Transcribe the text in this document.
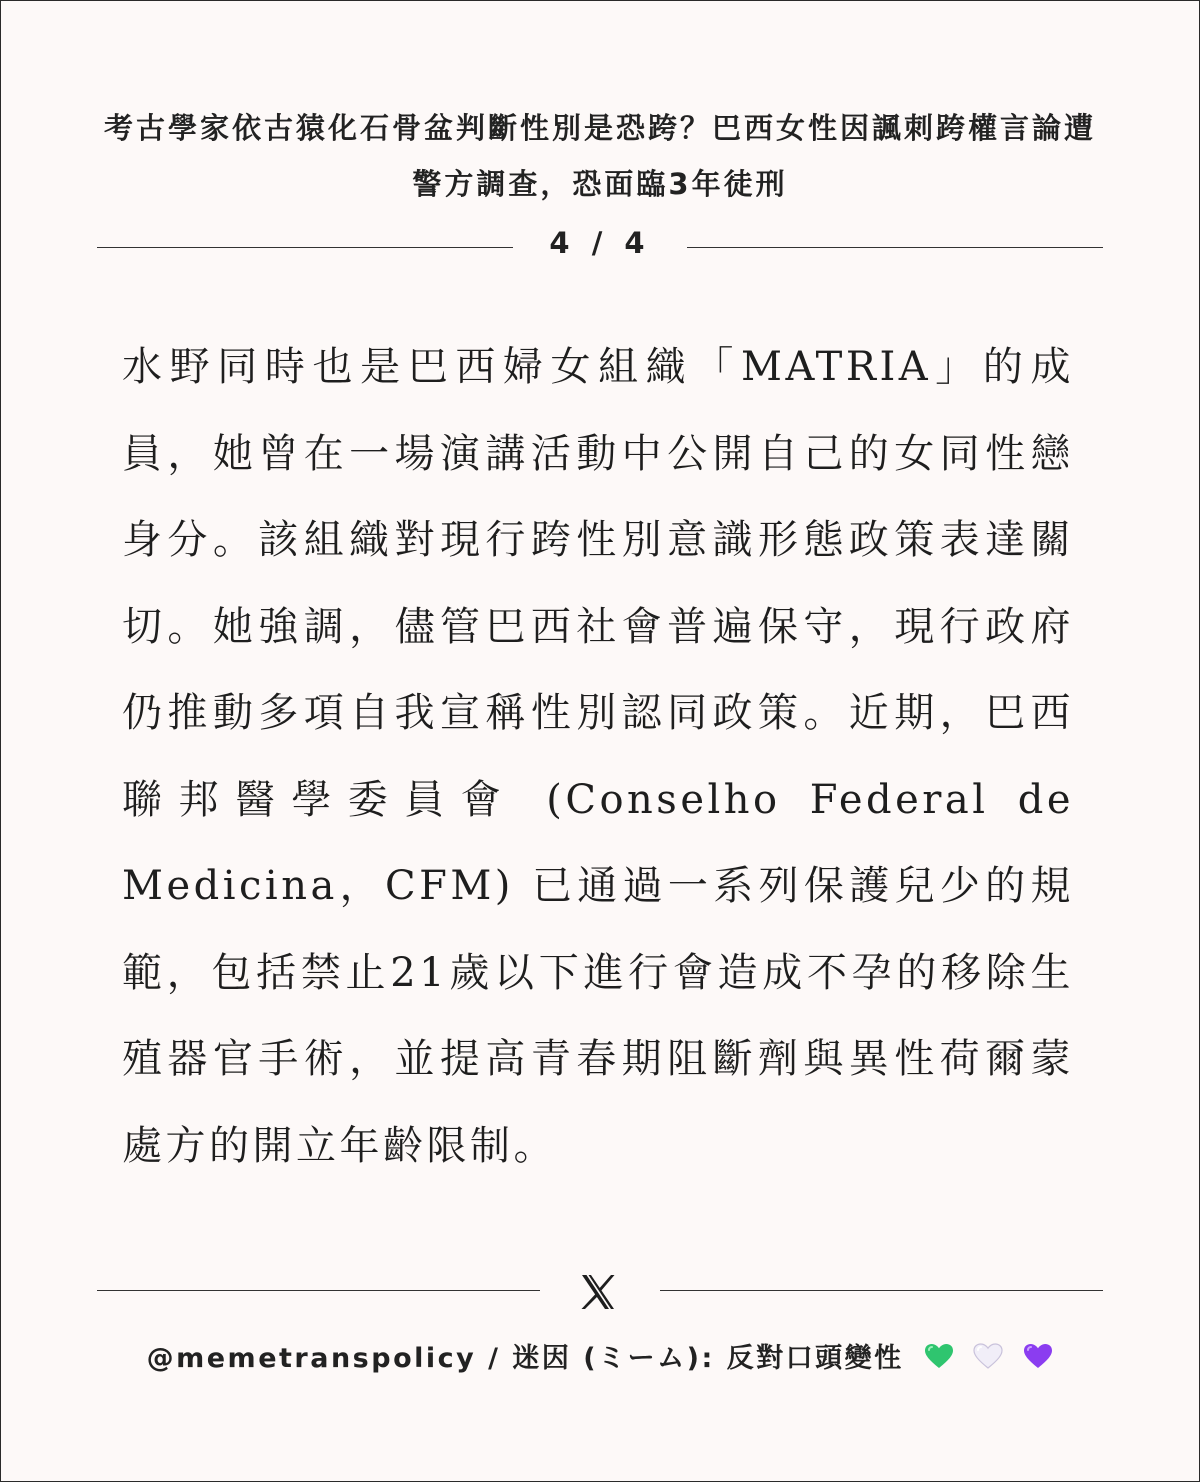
考古學家依古猿化石骨盆判斷性別是恐跨？巴西女性因諷刺跨權言論遭警方調查，恐面臨3年徒刑
4 / 4
水野同時也是巴西婦女組織「MATRIA」的成員，她曾在一場演講活動中公開自己的女同性戀身分。該組織對現行跨性別意識形態政策表達關切。她強調，儘管巴西社會普遍保守，現行政府仍推動多項自我宣稱性別認同政策。近期，巴西聯邦醫學委員會 (Conselho Federal de Medicina，CFM) 已通過一系列保護兒少的規範，包括禁止21歲以下進行會造成不孕的移除生殖器官手術，並提高青春期阻斷劑與異性荷爾蒙處方的開立年齡限制。
@memetranspolicy / 迷因 (ミーム): 反對口頭變性
